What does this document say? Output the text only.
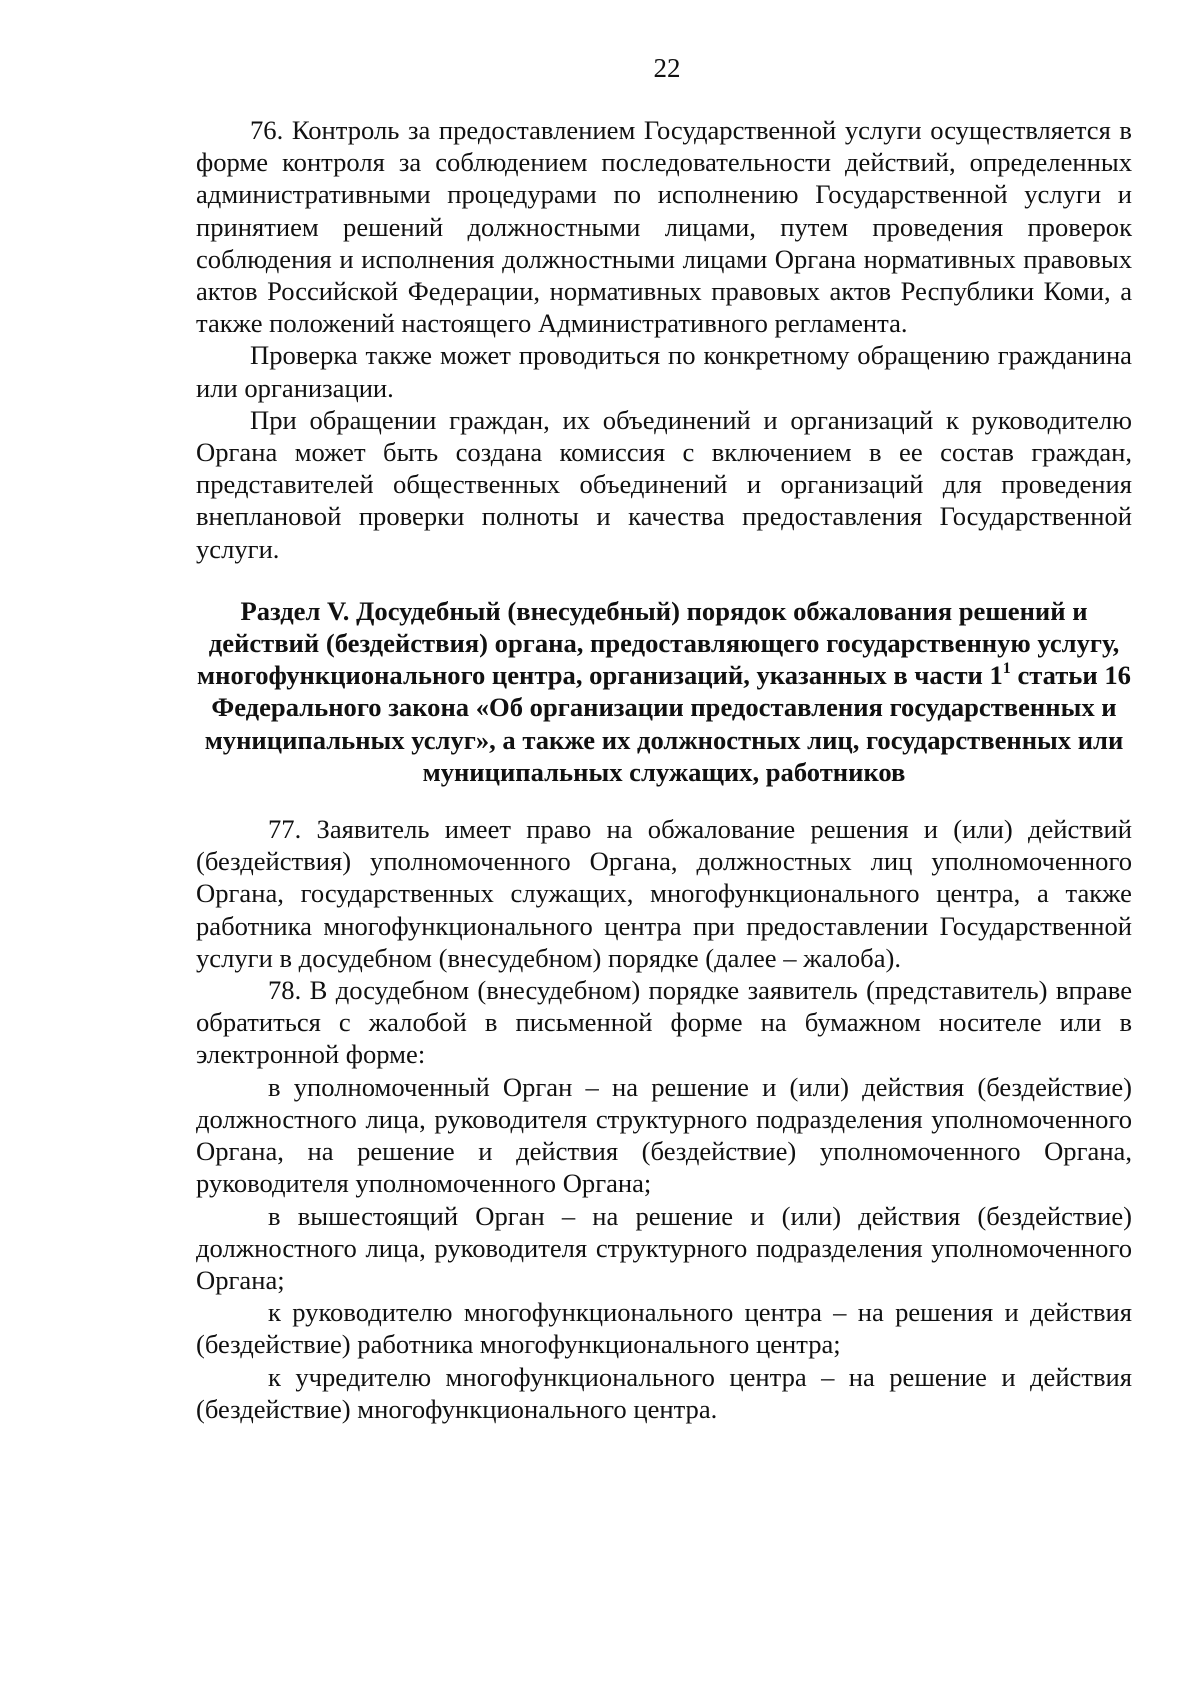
22

76. Контроль за предоставлением Государственной услуги осуществляется в форме контроля за соблюдением последовательности действий, определенных административными процедурами по исполнению Государственной услуги и принятием решений должностными лицами, путем проведения проверок соблюдения и исполнения должностными лицами Органа нормативных правовых актов Российской Федерации, нормативных правовых актов Республики Коми, а также положений настоящего Административного регламента.

Проверка также может проводиться по конкретному обращению гражданина или организации.

При обращении граждан, их объединений и организаций к руководителю Органа может быть создана комиссия с включением в ее состав граждан, представителей общественных объединений и организаций для проведения внеплановой проверки полноты и качества предоставления Государственной услуги.

Раздел V. Досудебный (внесудебный) порядок обжалования решений и действий (бездействия) органа, предоставляющего государственную услугу, многофункционального центра, организаций, указанных в части $1^1$ статьи 16 Федерального закона «Об организации предоставления государственных и муниципальных услуг», а также их должностных лиц, государственных или муниципальных служащих, работников

77. Заявитель имеет право на обжалование решения и (или) действий (бездействия) уполномоченного Органа, должностных лиц уполномоченного Органа, государственных служащих, многофункционального центра, а также работника многофункционального центра при предоставлении Государственной услуги в досудебном (внесудебном) порядке (далее – жалоба).

78. В досудебном (внесудебном) порядке заявитель (представитель) вправе обратиться с жалобой в письменной форме на бумажном носителе или в электронной форме:

в уполномоченный Орган – на решение и (или) действия (бездействие) должностного лица, руководителя структурного подразделения уполномоченного Органа, на решение и действия (бездействие) уполномоченного Органа, руководителя уполномоченного Органа;

в вышестоящий Орган – на решение и (или) действия (бездействие) должностного лица, руководителя структурного подразделения уполномоченного Органа;

к руководителю многофункционального центра – на решения и действия (бездействие) работника многофункционального центра;

к учредителю многофункционального центра – на решение и действия (бездействие) многофункционального центра.
